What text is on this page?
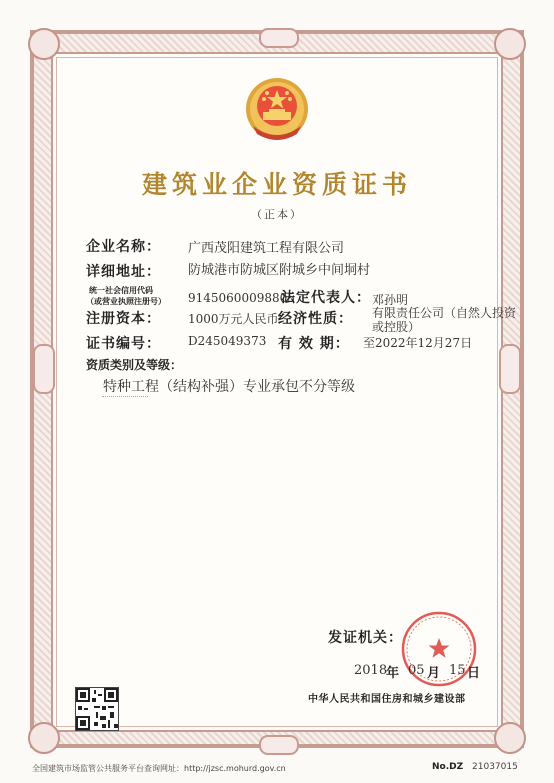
建筑业企业资质证书
（正本）
企业名称： 广西茂阳建筑工程有限公司
详细地址： 防城港市防城区附城乡中间垌村
统一社会信用代码
（或营业执照注册号） 91450600098805
法定代表人： 邓孙明
注册资本： 1000万元人民币 经济性质： 有限责任公司（自然人投资
或控股）
证书编号： D245049373 有 效 期： 至2022年12月27日
资质类别及等级：
特种工程（结构补强）专业承包不分等级
发证机关：
2018
年 05 月 15 日
中华人民共和国住房和城乡建设部
全国建筑市场监管公共服务平台查询网址：http://jzsc.mohurd.gov.cn	No.DZ 21037015
